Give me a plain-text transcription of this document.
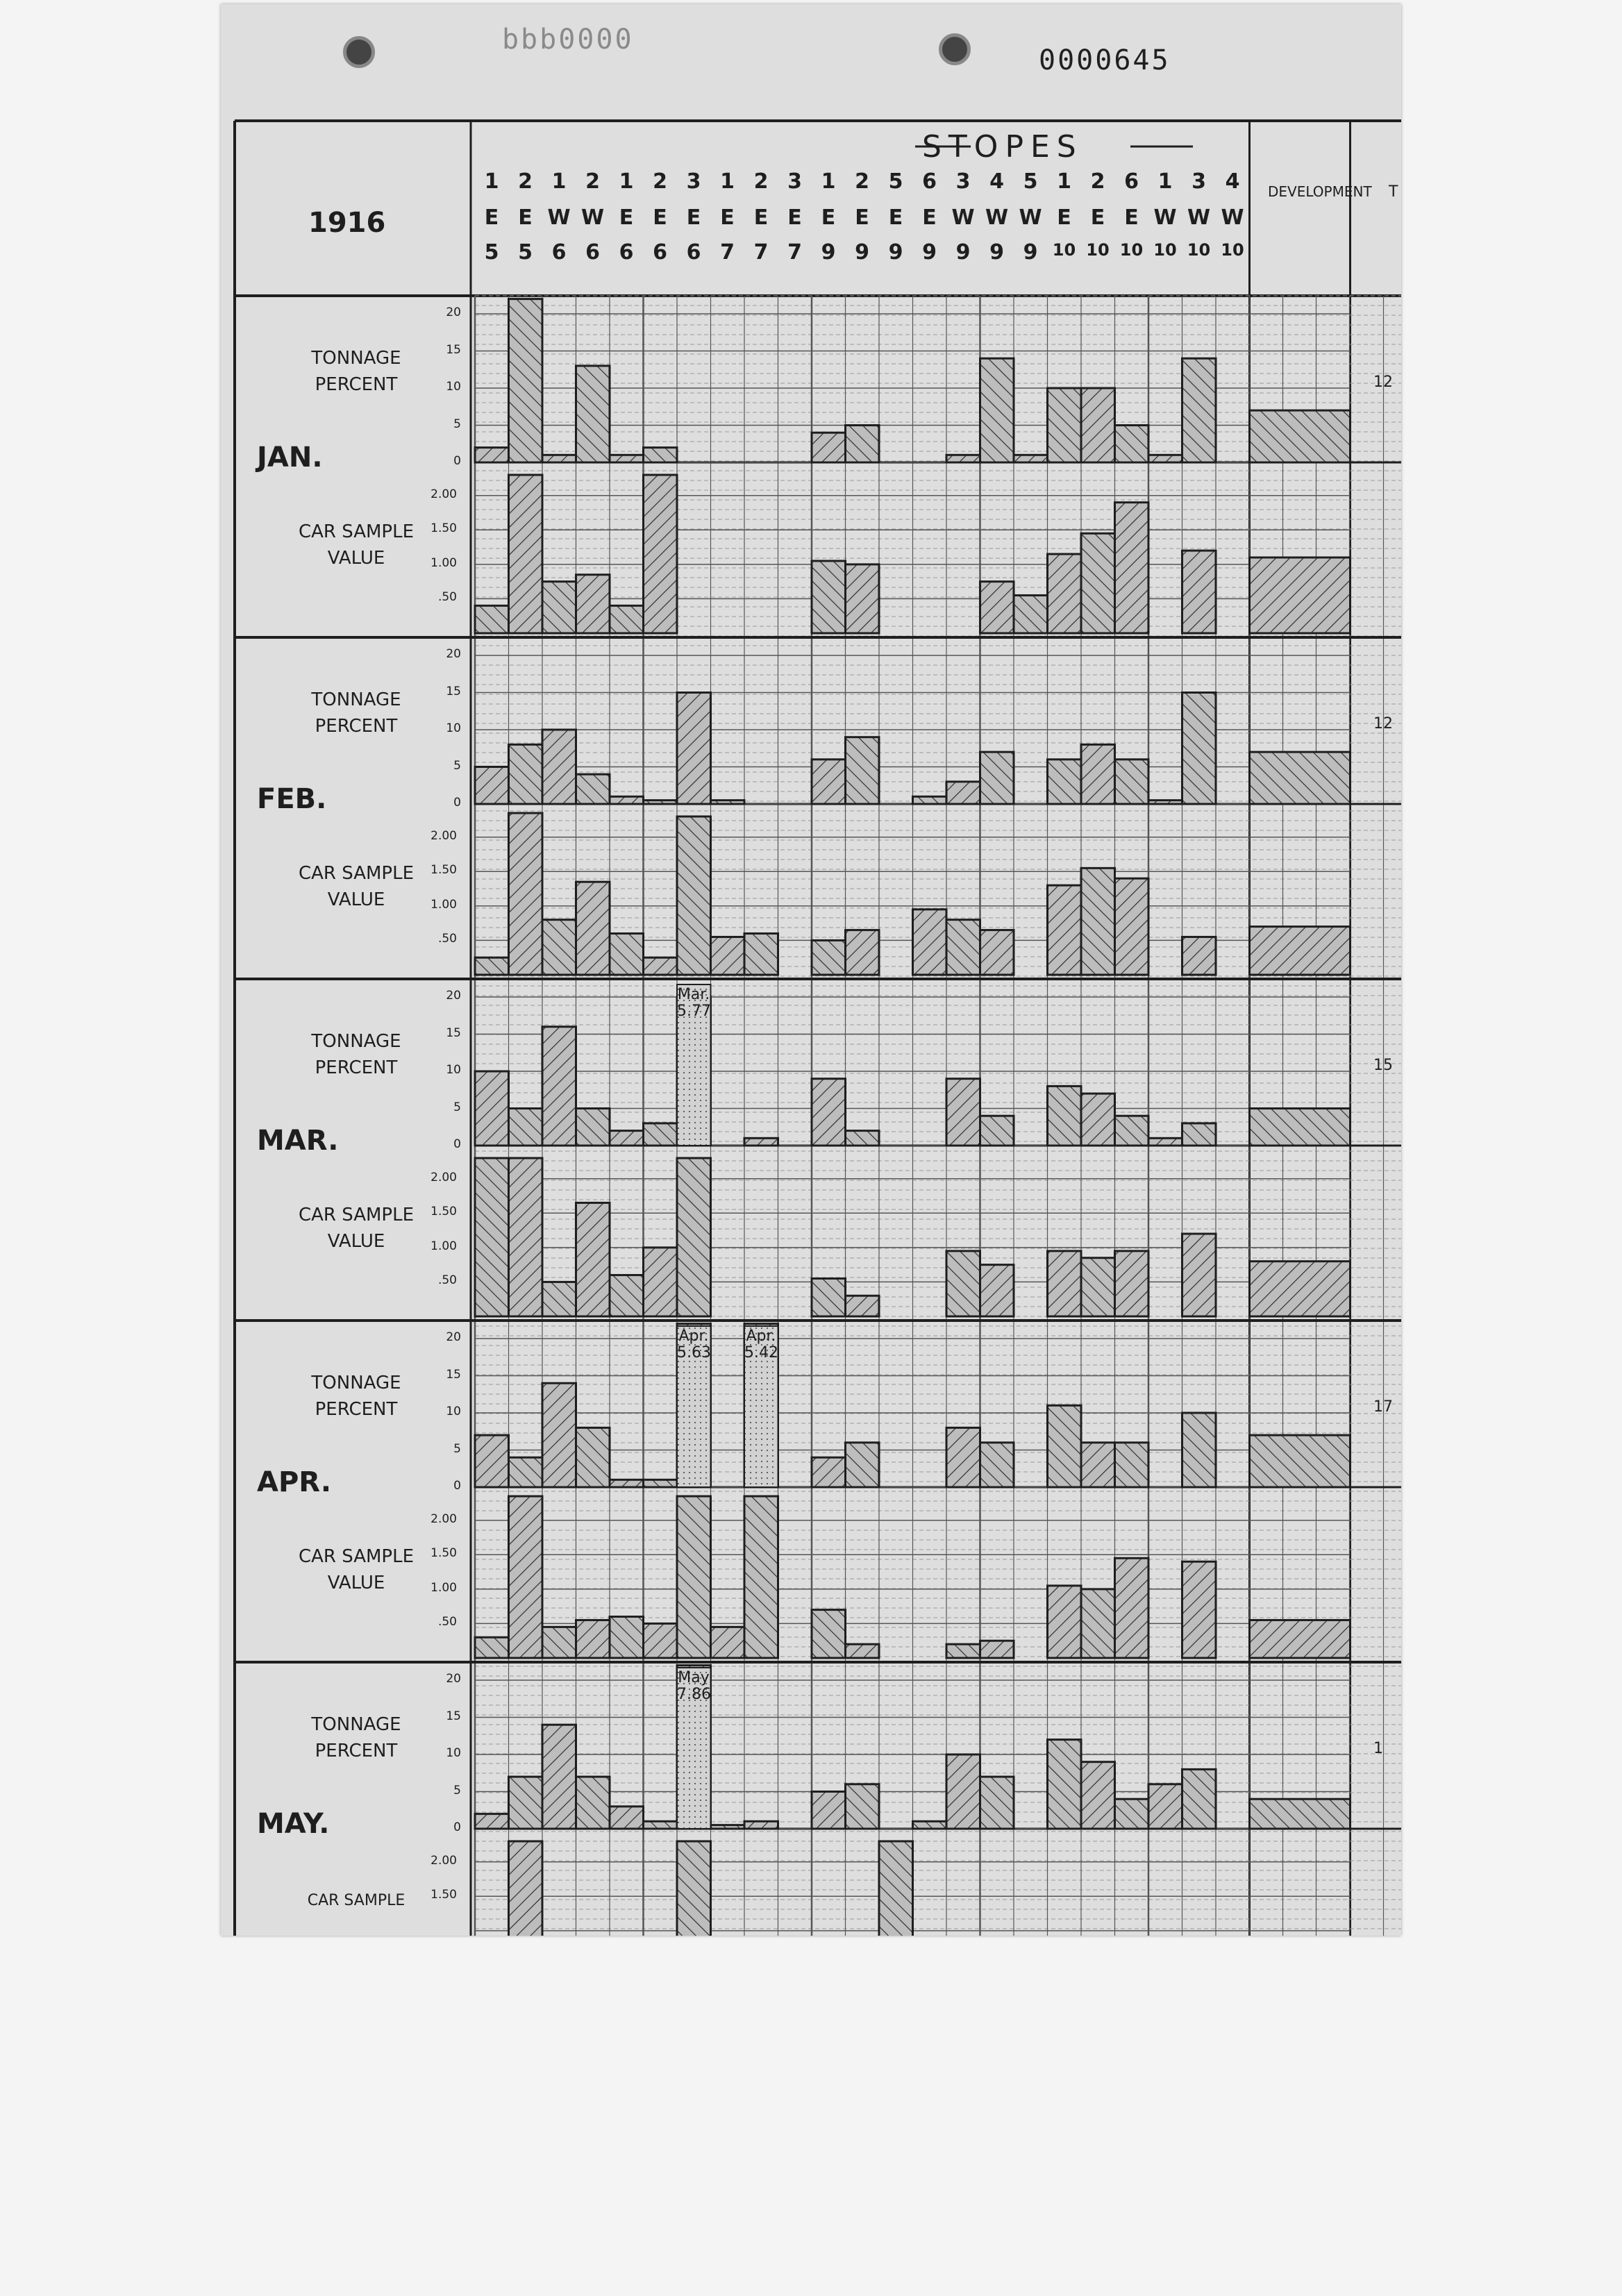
0000ddd
0000645
1916
STOPES
DEVELOPMENT T
1
E
5
2
E
5
1
W
6
2
W
6
1
E
6
2
E
6
3
E
6
1
E
7
2
E
7
3
E
7
1
E
9
2
E
9
5
E
9
6
E
9
3
W
9
4
W
9
5
W
9
1
E
10
2
E
10
6
E
10
1
W
10
3
W
10
4
W
10
JAN.
TONNAGE
PERCENT
CAR SAMPLE
VALUE
12
20
15
10
5
0
2.00
1.50
1.00
.50
FEB.
TONNAGE
PERCENT
CAR SAMPLE
VALUE
12
20
15
10
5
0
2.00
1.50
1.00
.50
MAR.
TONNAGE
PERCENT
CAR SAMPLE
VALUE
15
20
15
10
5
0
2.00
1.50
1.00
.50
Mar.
5.77
APR.
TONNAGE
PERCENT
CAR SAMPLE
VALUE
17
20
15
10
5
0
2.00
1.50
1.00
.50
Apr.
5.63
Apr.
5.42
MAY.
TONNAGE
PERCENT	1
20
15
10
5
0
2.00
1.50
May
7.86
CAR SAMPLE
